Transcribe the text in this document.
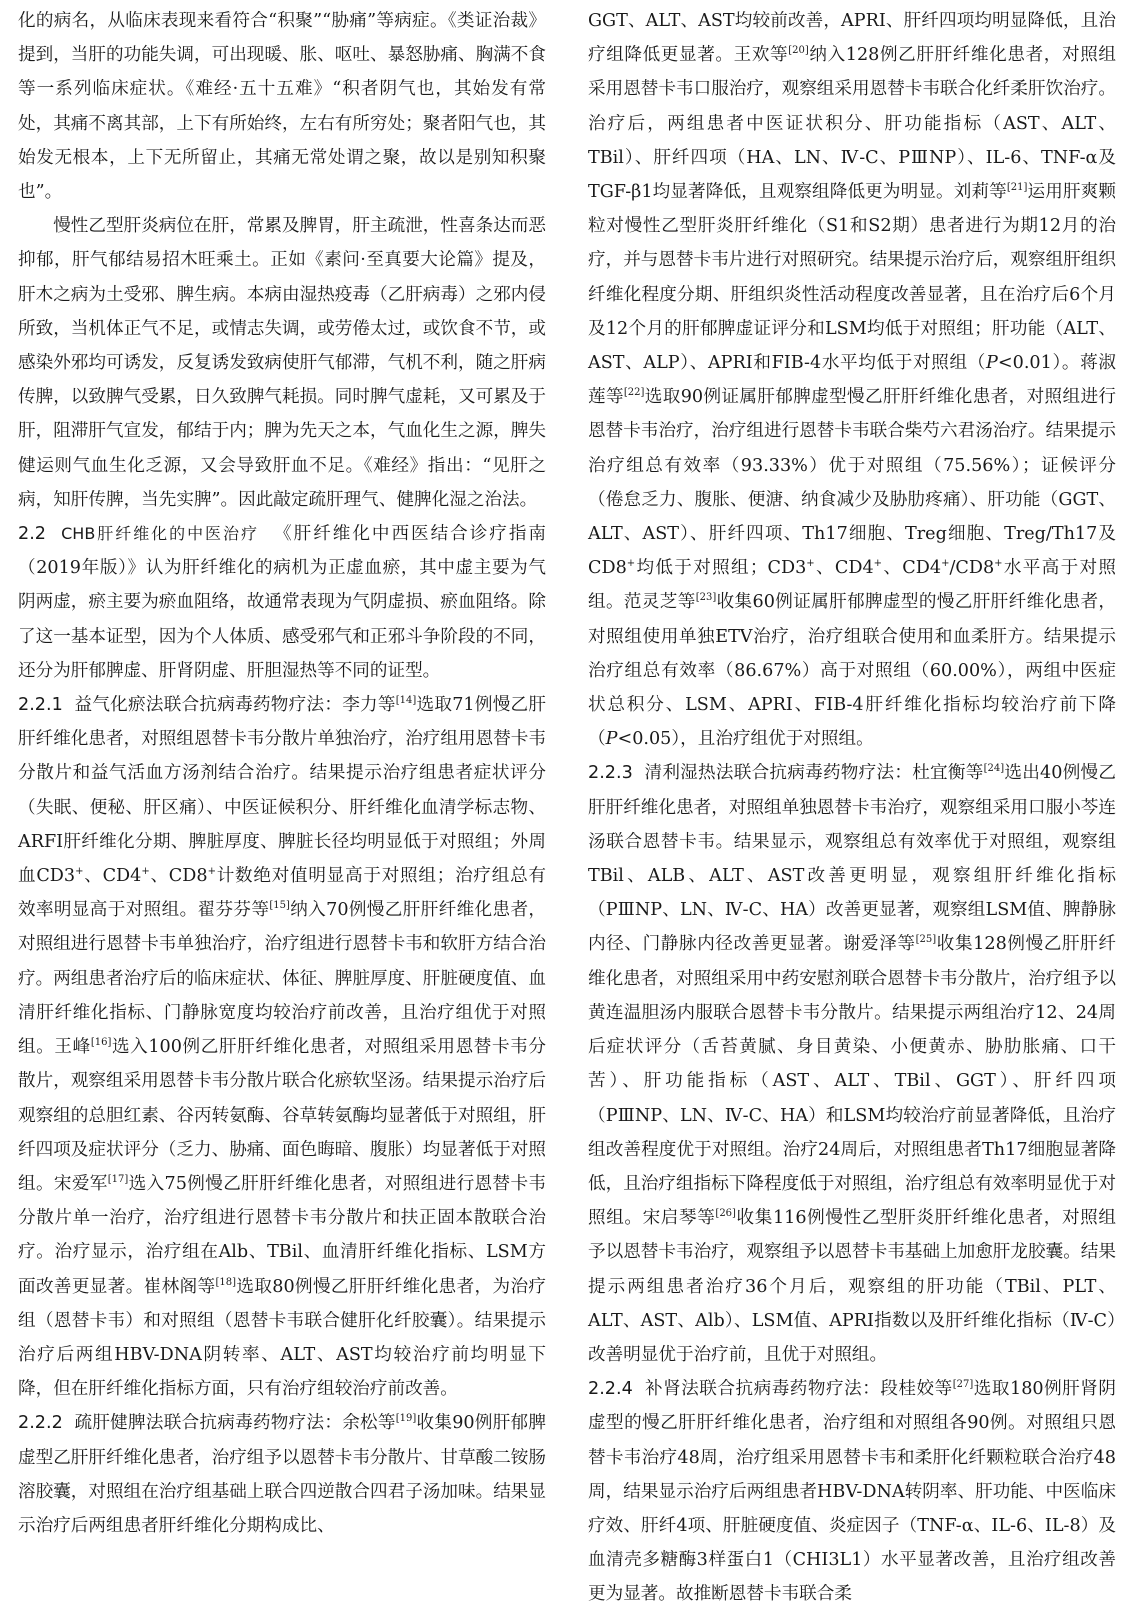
化的病名，从临床表现来看符合“积聚”“胁痛”等病症。《类证治裁》提到，当肝的功能失调，可出现暖、胀、呕吐、暴怒胁痛、胸满不食等一系列临床症状。《难经·五十五难》“积者阴气也，其始发有常处，其痛不离其部，上下有所始终，左右有所穷处；聚者阳气也，其始发无根本，上下无所留止，其痛无常处谓之聚，故以是别知积聚也”。

慢性乙型肝炎病位在肝，常累及脾胃，肝主疏泄，性喜条达而恶抑郁，肝气郁结易招木旺乘土。正如《素问·至真要大论篇》提及，肝木之病为土受邪、脾生病。本病由湿热疫毒（乙肝病毒）之邪内侵所致，当机体正气不足，或情志失调，或劳倦太过，或饮食不节，或感染外邪均可诱发，反复诱发致病使肝气郁滞，气机不利，随之肝病传脾，以致脾气受累，日久致脾气耗损。同时脾气虚耗，又可累及于肝，阻滞肝气宣发，郁结于内；脾为先天之本，气血化生之源，脾失健运则气血生化乏源，又会导致肝血不足。《难经》指出：“见肝之病，知肝传脾，当先实脾”。因此敲定疏肝理气、健脾化湿之治法。

2.2 CHB肝纤维化的中医治疗 《肝纤维化中西医结合诊疗指南（2019年版）》认为肝纤维化的病机为正虚血瘀，其中虚主要为气阴两虚，瘀主要为瘀血阻络，故通常表现为气阴虚损、瘀血阻络。除了这一基本证型，因为个人体质、感受邪气和正邪斗争阶段的不同，还分为肝郁脾虚、肝肾阴虚、肝胆湿热等不同的证型。

2.2.1 益气化瘀法联合抗病毒药物疗法：李力等[14]选取71例慢乙肝肝纤维化患者，对照组恩替卡韦分散片单独治疗，治疗组用恩替卡韦分散片和益气活血方汤剂结合治疗。结果提示治疗组患者症状评分（失眠、便秘、肝区痛）、中医证候积分、肝纤维化血清学标志物、ARFI肝纤维化分期、脾脏厚度、脾脏长径均明显低于对照组；外周血CD3+、CD4+、CD8+计数绝对值明显高于对照组；治疗组总有效率明显高于对照组。翟芬芬等[15]纳入70例慢乙肝肝纤维化患者，对照组进行恩替卡韦单独治疗，治疗组进行恩替卡韦和软肝方结合治疗。两组患者治疗后的临床症状、体征、脾脏厚度、肝脏硬度值、血清肝纤维化指标、门静脉宽度均较治疗前改善，且治疗组优于对照组。王峰[16]选入100例乙肝肝纤维化患者，对照组采用恩替卡韦分散片，观察组采用恩替卡韦分散片联合化瘀软坚汤。结果提示治疗后观察组的总胆红素、谷丙转氨酶、谷草转氨酶均显著低于对照组，肝纤四项及症状评分（乏力、胁痛、面色晦暗、腹胀）均显著低于对照组。宋爱军[17]选入75例慢乙肝肝纤维化患者，对照组进行恩替卡韦分散片单一治疗，治疗组进行恩替卡韦分散片和扶正固本散联合治疗。治疗显示，治疗组在Alb、TBil、血清肝纤维化指标、LSM方面改善更显著。崔林阁等[18]选取80例慢乙肝肝纤维化患者，为治疗组（恩替卡韦）和对照组（恩替卡韦联合健肝化纤胶囊）。结果提示治疗后两组HBV-DNA阴转率、ALT、AST均较治疗前均明显下降，但在肝纤维化指标方面，只有治疗组较治疗前改善。

2.2.2 疏肝健脾法联合抗病毒药物疗法：余松等[19]收集90例肝郁脾虚型乙肝肝纤维化患者，治疗组予以恩替卡韦分散片、甘草酸二铵肠溶胶囊，对照组在治疗组基础上联合四逆散合四君子汤加味。结果显示治疗后两组患者肝纤维化分期构成比、

GGT、ALT、AST均较前改善，APRI、肝纤四项均明显降低，且治疗组降低更显著。王欢等[20]纳入128例乙肝肝纤维化患者，对照组采用恩替卡韦口服治疗，观察组采用恩替卡韦联合化纤柔肝饮治疗。治疗后，两组患者中医证状积分、肝功能指标（AST、ALT、TBil）、肝纤四项（HA、LN、Ⅳ-C、PⅢNP）、IL-6、TNF-α及TGF-β1均显著降低，且观察组降低更为明显。刘莉等[21]运用肝爽颗粒对慢性乙型肝炎肝纤维化（S1和S2期）患者进行为期12月的治疗，并与恩替卡韦片进行对照研究。结果提示治疗后，观察组肝组织纤维化程度分期、肝组织炎性活动程度改善显著，且在治疗后6个月及12个月的肝郁脾虚证评分和LSM均低于对照组；肝功能（ALT、AST、ALP）、APRI和FIB-4水平均低于对照组（P<0.01）。蒋淑莲等[22]选取90例证属肝郁脾虚型慢乙肝肝纤维化患者，对照组进行恩替卡韦治疗，治疗组进行恩替卡韦联合柴芍六君汤治疗。结果提示治疗组总有效率（93.33%）优于对照组（75.56%）；证候评分（倦怠乏力、腹胀、便溏、纳食减少及胁肋疼痛）、肝功能（GGT、ALT、AST）、肝纤四项、Th17细胞、Treg细胞、Treg/Th17及CD8+均低于对照组；CD3+、CD4+、CD4+/CD8+水平高于对照组。范灵芝等[23]收集60例证属肝郁脾虚型的慢乙肝肝纤维化患者，对照组使用单独ETV治疗，治疗组联合使用和血柔肝方。结果提示治疗组总有效率（86.67%）高于对照组（60.00%），两组中医症状总积分、LSM、APRI、FIB-4肝纤维化指标均较治疗前下降（P<0.05），且治疗组优于对照组。

2.2.3 清利湿热法联合抗病毒药物疗法：杜宜衡等[24]选出40例慢乙肝肝纤维化患者，对照组单独恩替卡韦治疗，观察组采用口服小芩连汤联合恩替卡韦。结果显示，观察组总有效率优于对照组，观察组TBil、ALB、ALT、AST改善更明显，观察组肝纤维化指标（PⅢNP、LN、Ⅳ-C、HA）改善更显著，观察组LSM值、脾静脉内径、门静脉内径改善更显著。谢爱泽等[25]收集128例慢乙肝肝纤维化患者，对照组采用中药安慰剂联合恩替卡韦分散片，治疗组予以黄连温胆汤内服联合恩替卡韦分散片。结果提示两组治疗12、24周后症状评分（舌苔黄腻、身目黄染、小便黄赤、胁肋胀痛、口干苦）、肝功能指标（AST、ALT、TBil、GGT）、肝纤四项（PⅢNP、LN、Ⅳ-C、HA）和LSM均较治疗前显著降低，且治疗组改善程度优于对照组。治疗24周后，对照组患者Th17细胞显著降低，且治疗组指标下降程度低于对照组，治疗组总有效率明显优于对照组。宋启琴等[26]收集116例慢性乙型肝炎肝纤维化患者，对照组予以恩替卡韦治疗，观察组予以恩替卡韦基础上加愈肝龙胶囊。结果提示两组患者治疗36个月后，观察组的肝功能（TBil、PLT、ALT、AST、Alb）、LSM值、APRI指数以及肝纤维化指标（Ⅳ-C）改善明显优于治疗前，且优于对照组。

2.2.4 补肾法联合抗病毒药物疗法：段桂姣等[27]选取180例肝肾阴虚型的慢乙肝肝纤维化患者，治疗组和对照组各90例。对照组只恩替卡韦治疗48周，治疗组采用恩替卡韦和柔肝化纤颗粒联合治疗48周，结果显示治疗后两组患者HBV-DNA转阴率、肝功能、中医临床疗效、肝纤4项、肝脏硬度值、炎症因子（TNF-α、IL-6、IL-8）及血清壳多糖酶3样蛋白1（CHI3L1）水平显著改善，且治疗组改善更为显著。故推断恩替卡韦联合柔
